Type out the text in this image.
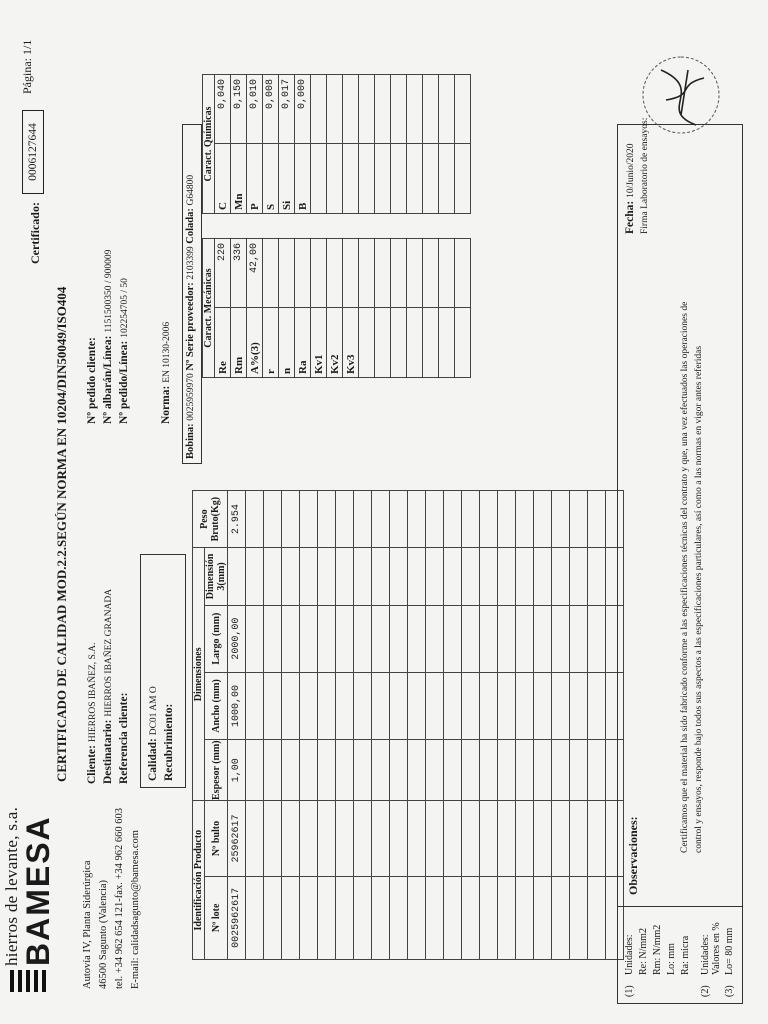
hierros de levante, s.a. BAMESA Autovía IV, Planta Siderúrgica 46500 Sagunto (Valencia) tel. +34 962 654 121-fax. +34 962 660 603 E-mail: calidadsagunto@bamesa.com
CERTIFICADO DE CALIDAD MOD.2.2.SEGÚN NORMA EN 10204/DIN50049/ISO404
Certificado:
0006127644
Página: 1/1
Cliente: HIERROS IBAÑEZ, S.A.
Destinatario: HIERROS IBAÑEZ GRANADA
Referencia cliente:
Nº pedido cliente: Nº albarán/Línea: 1151500350 / 900009
Nº pedido/Línea: 102254705 / 50
Calidad: DC01 AM O Recubrimiento:
Norma: EN 10130-2006
Identificación Producto		Dimensiones				Peso Bruto(Kg)
Nº lote	Nº bulto	Espesor (mm)	Ancho (mm)	Largo (mm)	Dimensión 3(mm)	
0025962617	25962617	1,00	1000,00	2000,00		2.954

Bobina: 0025959970 Nº Serie proveedor: 2103399 Colada: G64800
Caract. Mecánicas	
Re	220
Rm	336
A%(3)	42,00
r	
n	
Ra	
Kv1	
Kv2	
Kv3	

Caract. Químicas	
C	0,040
Mn	0,150
P	0,010
S	0,008
Si	0,017
B	0,000

(1)
Unidades: Re: N/mm2 Rm: N/mm2 Lo: mm Ra: micra
(2)
Unidades: Valores en %
(3)
Lo= 80 mm
Observaciones:
Certificamos que el material ha sido fabricado conforme a las especificaciones técnicas del contrato y que, una vez efectuados las operaciones de control y ensayos, responde bajo todos sus aspectos a las especificaciones particulares, así como a las normas en vigor antes referidas
Fecha: 10/Junio/2020 Firma Laboratorio de ensayos:
